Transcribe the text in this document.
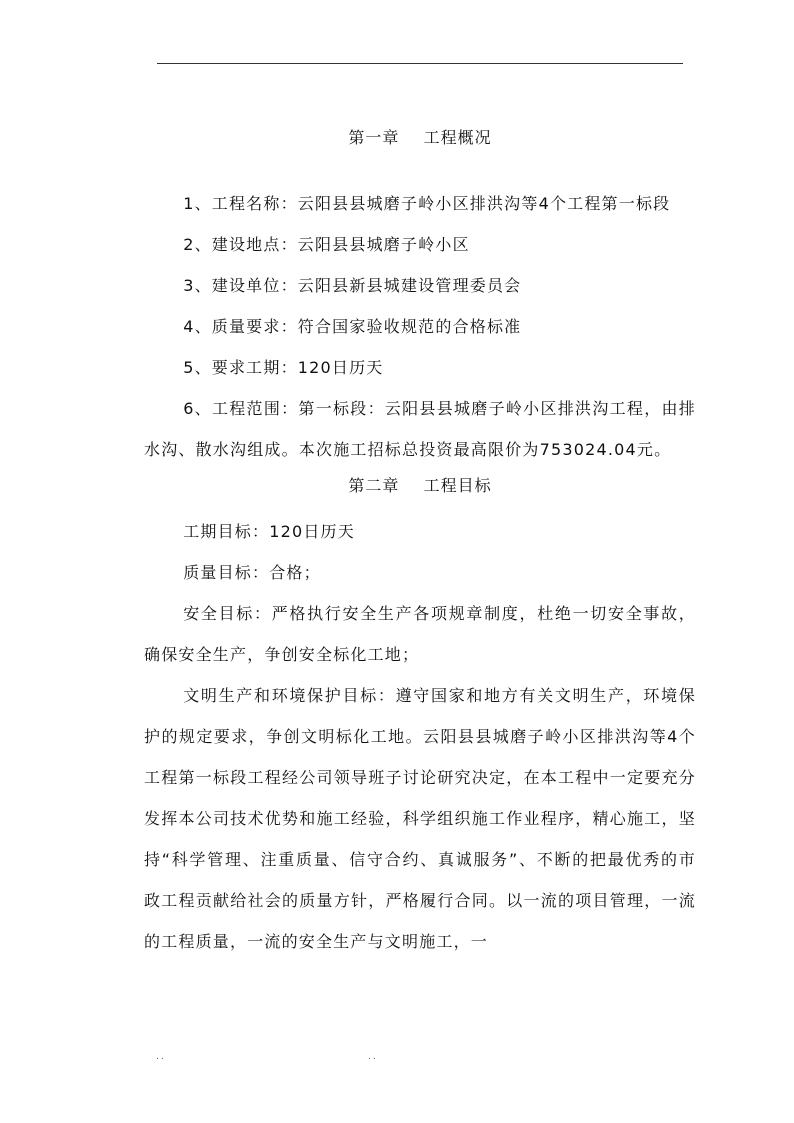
第一章    工程概况

1、工程名称：云阳县县城磨子岭小区排洪沟等4个工程第一标段

2、建设地点：云阳县县城磨子岭小区

3、建设单位：云阳县新县城建设管理委员会

4、质量要求：符合国家验收规范的合格标准

5、要求工期：120日历天

6、工程范围：第一标段：云阳县县城磨子岭小区排洪沟工程，由排水沟、散水沟组成。本次施工招标总投资最高限价为753024.04元。

第二章    工程目标

工期目标：120日历天

质量目标：合格；

安全目标：严格执行安全生产各项规章制度，杜绝一切安全事故，确保安全生产，争创安全标化工地；

文明生产和环境保护目标：遵守国家和地方有关文明生产，环境保护的规定要求，争创文明标化工地。云阳县县城磨子岭小区排洪沟等4个工程第一标段工程经公司领导班子讨论研究决定，在本工程中一定要充分发挥本公司技术优势和施工经验，科学组织施工作业程序，精心施工，坚持“科学管理、注重质量、信守合约、真诚服务”、不断的把最优秀的市政工程贡献给社会的质量方针，严格履行合同。以一流的项目管理，一流的工程质量，一流的安全生产与文明施工，一

..	..
